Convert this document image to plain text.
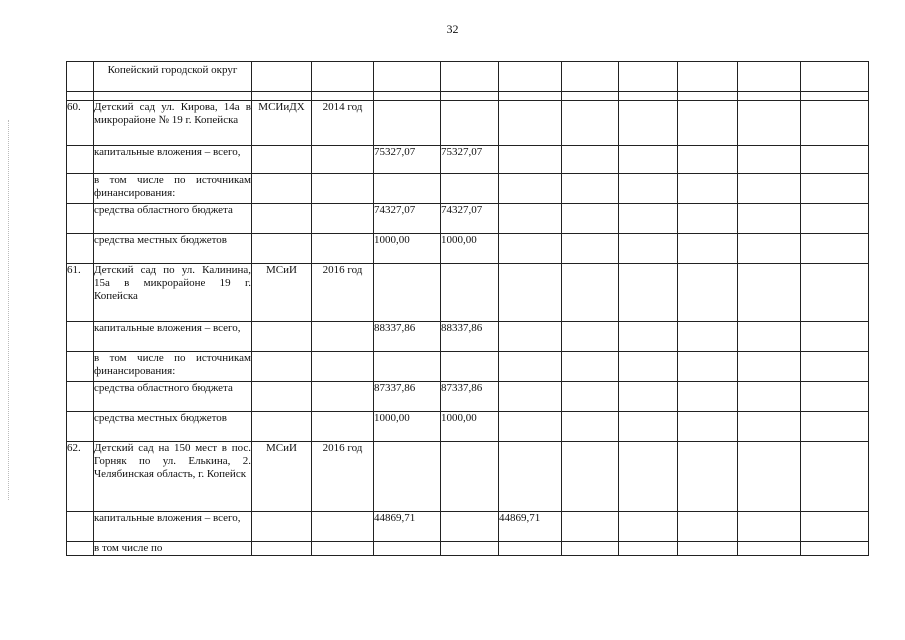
32

	Копейский городской округ										

60.	Детский сад ул. Кирова, 14а в микрорайоне № 19 г. Копейска	МСИиДХ	2014 год								
	капитальные вложения – всего,			75327,07	75327,07						
	в том числе по источникам финансирования:										
	средства областного бюджета			74327,07	74327,07						
	средства местных бюджетов			1000,00	1000,00						
61.	Детский сад по ул. Калинина, 15а в микрорайоне 19 г. Копейска	МСиИ	2016 год								
	капитальные вложения – всего,			88337,86	88337,86						
	в том числе по источникам финансирования:										
	средства областного бюджета			87337,86	87337,86						
	средства местных бюджетов			1000,00	1000,00						
62.	Детский сад на 150 мест в пос. Горняк по ул. Елькина, 2. Челябинская область, г. Копейск	МСиИ	2016 год								
	капитальные вложения – всего,			44869,71		44869,71					
	в том числе по										
